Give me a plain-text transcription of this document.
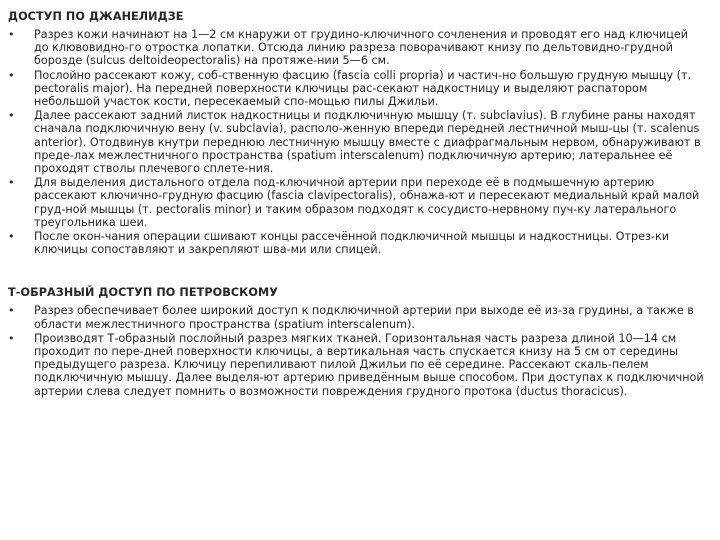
ДОСТУП ПО ДЖАНЕЛИДЗЕ
•	Разрез кожи начинают на 1—2 см кнаружи от грудино-ключичного сочленения и проводят его над ключицей до клювовидно-го отростка лопатки. Отсюда линию разреза поворачивают книзу по дельтовидно-грудной борозде (sulcus deltoideopectoralis) на протяже-нии 5—6 см.
•	Послойно рассекают кожу, соб-ственную фасцию (fascia colli propria) и частич-но большую грудную мышцу (т. pectoralis major). На передней поверхности ключицы рас-секают надкостницу и выделяют распатором небольшой участок кости, пересекаемый спо-мощью пилы Джильи.
•	Далее рассекают задний листок надкостницы и подключичную мышцу (т. subclavius). В глубине раны находят сначала подключичную вену (v. subclavia), располо-женную впереди передней лестничной мыш-цы (т. scalenus anterior). Отодвинув кнутри переднюю лестничную мышцу вместе с диафрагмальным нервом, обнаруживают в преде-лах межлестничного пространства (spatium interscalenum) подключичную артерию; латеральнее её проходят стволы плечевого сплете-ния.
•	Для выделения дистального отдела под-ключичной артерии при переходе её в подмышечную артерию рассекают ключично-грудную фасцию (fascia clavipectoralis), обнажа-ют и пересекают медиальный край малой груд-ной мышцы (т. pectoralis minor) и таким образом подходят к сосудисто-нервному пуч-ку латерального треугольника шеи.
•	После окон-чания операции сшивают концы рассечённой подключичной мышцы и надкостницы. Отрез-ки ключицы сопоставляют и закрепляют шва-ми или спицей.
Т-ОБРАЗНЫЙ ДОСТУП ПО ПЕТРОВСКОМУ
•	Разрез обеспечивает более широкий доступ к подключичной артерии при выходе её из-за грудины, а также в области межлестничного пространства (spatium interscalenum).
•	Производят Т-образный послойный разрез мягких тканей. Горизонтальная часть разреза длиной 10—14 см проходит по пере-дней поверхности ключицы, а вертикальная часть спускается книзу на 5 см от середины предыдущего разреза. Ключицу перепиливают пилой Джильи по её середине. Рассекают скаль-пелем подключичную мышцу. Далее выделя-ют артерию приведённым выше способом. При доступах к подключичной артерии слева следует помнить о возможности повреждения грудного протока (ductus thoracicus).
